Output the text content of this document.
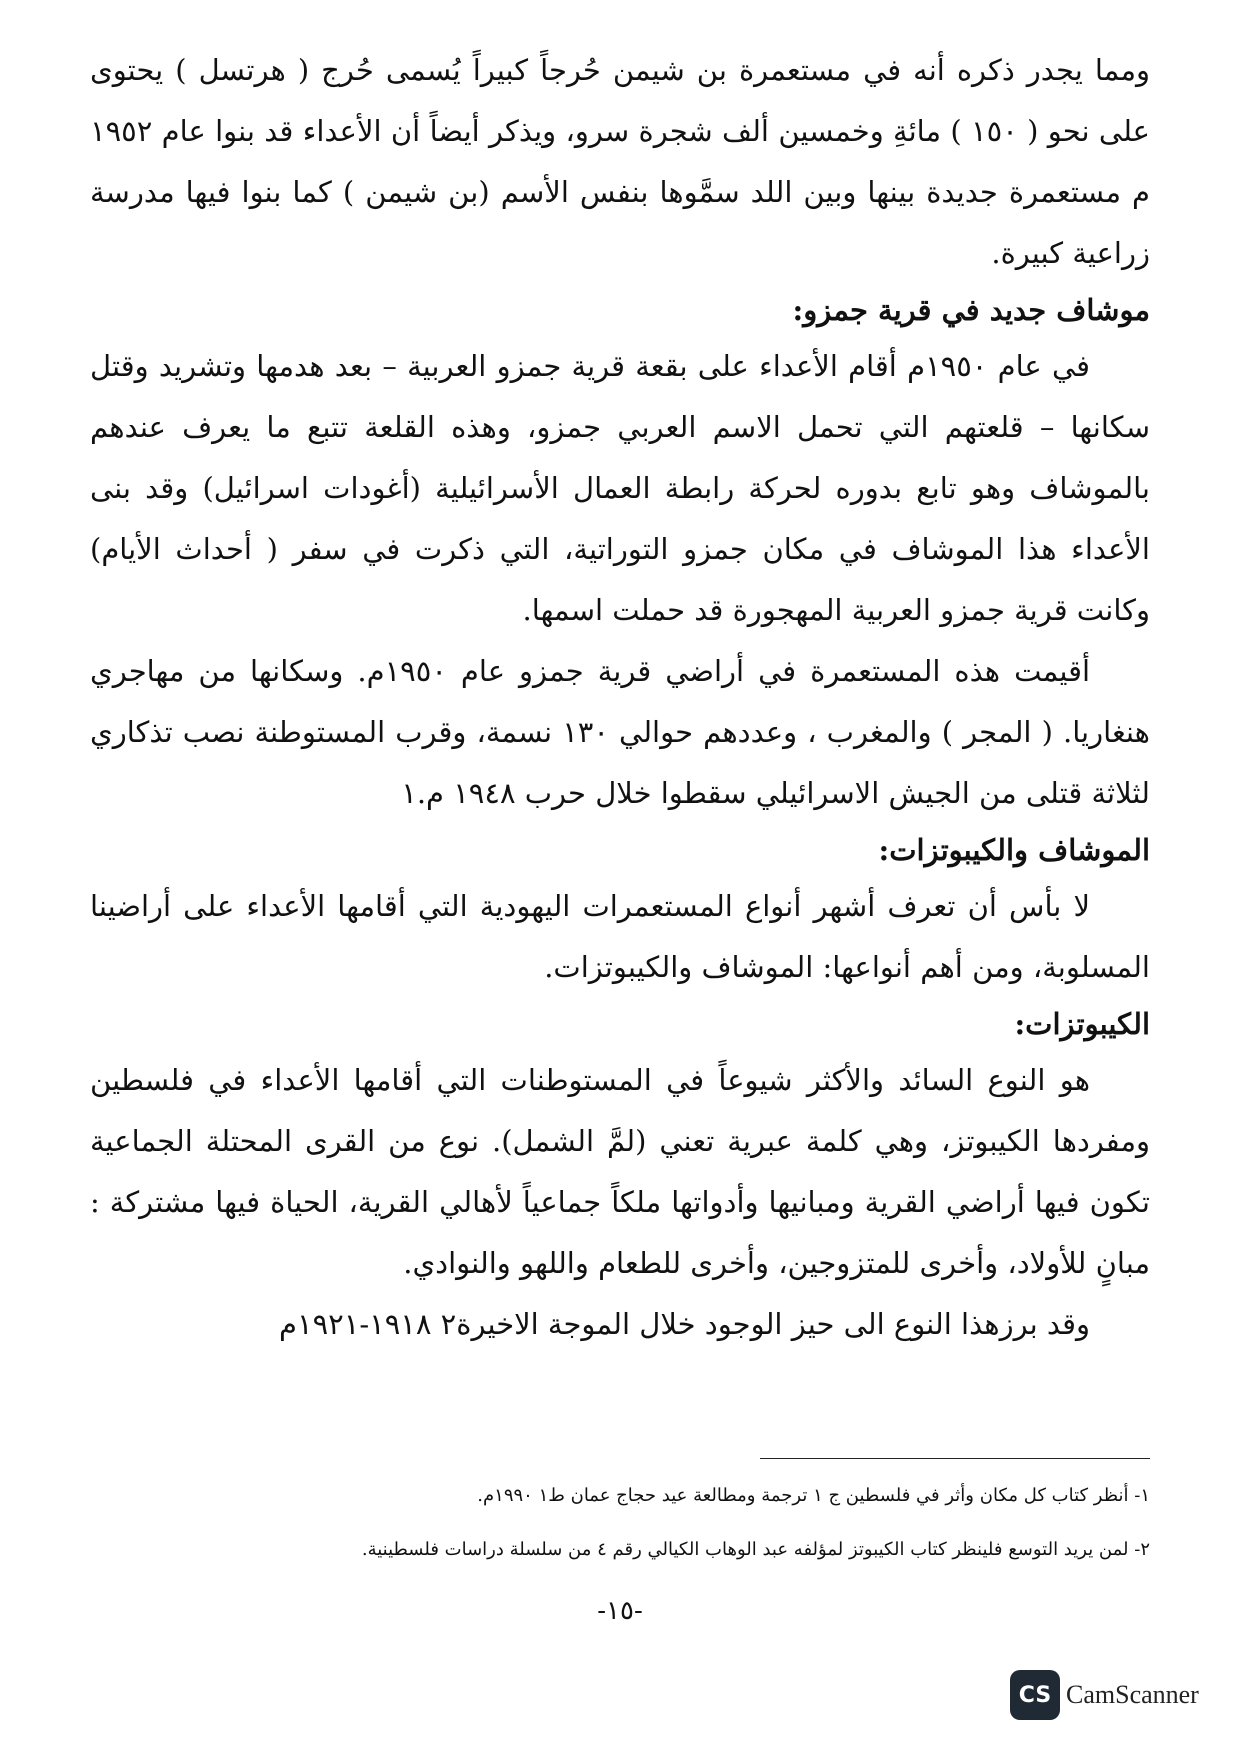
ومما يجدر ذكره أنه في مستعمرة بن شيمن حُرجاً كبيراً يُسمى حُرج ( هرتسل ) يحتوى على نحو ( ١٥٠ ) مائةِ وخمسين ألف شجرة سرو، ويذكر أيضاً أن الأعداء قد بنوا عام ١٩٥٢ م مستعمرة جديدة بينها وبين اللد سمَّوها بنفس الأسم (بن شيمن ) كما بنوا فيها مدرسة زراعية كبيرة.

موشاف جديد في قرية جمزو:

في عام ١٩٥٠م أقام الأعداء على بقعة قرية جمزو العربية – بعد هدمها وتشريد وقتل سكانها – قلعتهم التي تحمل الاسم العربي جمزو، وهذه القلعة تتبع ما يعرف عندهم بالموشاف وهو تابع بدوره لحركة رابطة العمال الأسرائيلية (أغودات اسرائيل) وقد بنى الأعداء هذا الموشاف في مكان جمزو التوراتية، التي ذكرت في سفر ( أحداث الأيام) وكانت قرية جمزو العربية المهجورة قد حملت اسمها.

أقيمت هذه المستعمرة في أراضي قرية جمزو عام ١٩٥٠م. وسكانها من مهاجري هنغاريا. ( المجر ) والمغرب ، وعددهم حوالي ١٣٠ نسمة، وقرب المستوطنة نصب تذكاري لثلاثة قتلى من الجيش الاسرائيلي سقطوا خلال حرب ١٩٤٨ م.١

الموشاف والكيبوتزات:

لا بأس أن تعرف أشهر أنواع المستعمرات اليهودية التي أقامها الأعداء على أراضينا المسلوبة، ومن أهم أنواعها: الموشاف والكيبوتزات.

الكيبوتزات:

هو النوع السائد والأكثر شيوعاً في المستوطنات التي أقامها الأعداء في فلسطين ومفردها الكيبوتز، وهي كلمة عبرية تعني (لمَّ الشمل). نوع من القرى المحتلة الجماعية تكون فيها أراضي القرية ومبانيها وأدواتها ملكاً جماعياً لأهالي القرية، الحياة فيها مشتركة : مبانٍ للأولاد، وأخرى للمتزوجين، وأخرى للطعام واللهو والنوادي.

وقد برزهذا النوع الى حيز الوجود خلال الموجة الاخيرة٢ ١٩١٨-١٩٢١م

١- أنظر كتاب كل مكان وأثر في فلسطين ج ١ ترجمة ومطالعة عيد حجاج عمان ط١ ١٩٩٠م.
٢- لمن يريد التوسع فلينظر كتاب الكيبوتز لمؤلفه عبد الوهاب الكيالي رقم ٤ من سلسلة دراسات فلسطينية.
-١٥-
CS CamScanner
